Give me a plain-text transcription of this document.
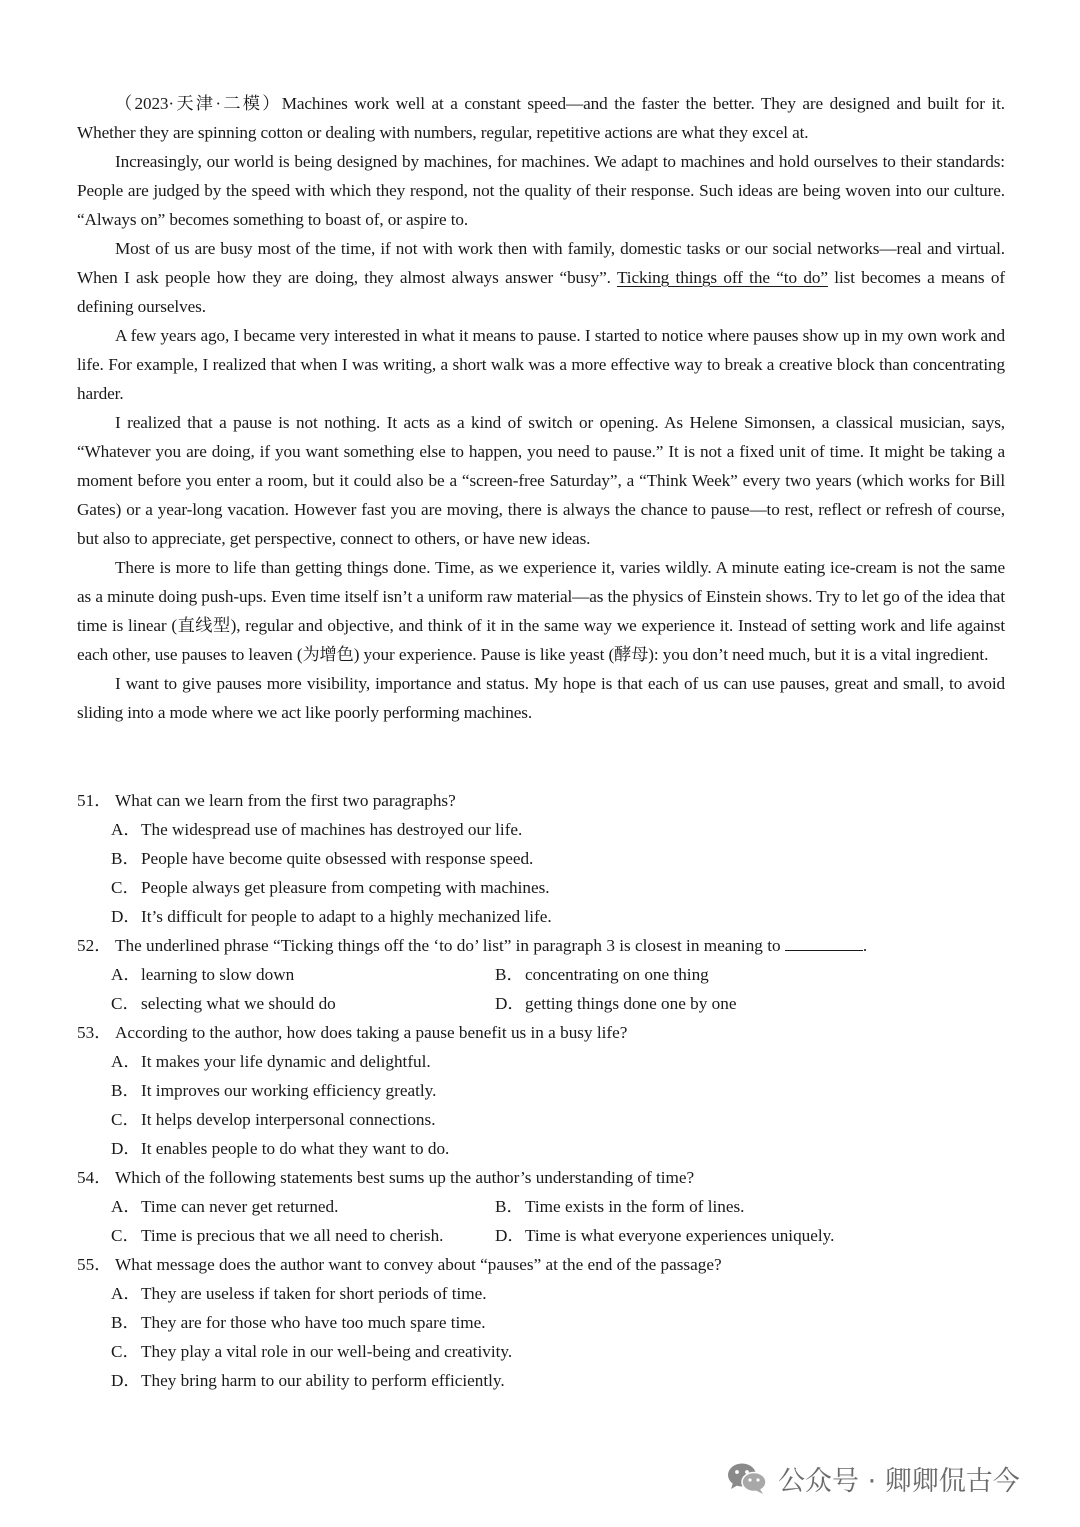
（2023·天津·二模）Machines work well at a constant speed—and the faster the better. They are designed and built for it. Whether they are spinning cotton or dealing with numbers, regular, repetitive actions are what they excel at.

Increasingly, our world is being designed by machines, for machines. We adapt to machines and hold ourselves to their standards: People are judged by the speed with which they respond, not the quality of their response. Such ideas are being woven into our culture. “Always on” becomes something to boast of, or aspire to.

Most of us are busy most of the time, if not with work then with family, domestic tasks or our social networks—real and virtual. When I ask people how they are doing, they almost always answer “busy”. Ticking things off the “to do” list becomes a means of defining ourselves.

A few years ago, I became very interested in what it means to pause. I started to notice where pauses show up in my own work and life. For example, I realized that when I was writing, a short walk was a more effective way to break a creative block than concentrating harder.

I realized that a pause is not nothing. It acts as a kind of switch or opening. As Helene Simonsen, a classical musician, says, “Whatever you are doing, if you want something else to happen, you need to pause.” It is not a fixed unit of time. It might be taking a moment before you enter a room, but it could also be a “screen-free Saturday”, a “Think Week” every two years (which works for Bill Gates) or a year-long vacation. However fast you are moving, there is always the chance to pause—to rest, reflect or refresh of course, but also to appreciate, get perspective, connect to others, or have new ideas.

There is more to life than getting things done. Time, as we experience it, varies wildly. A minute eating ice-cream is not the same as a minute doing push-ups. Even time itself isn’t a uniform raw material—as the physics of Einstein shows. Try to let go of the idea that time is linear (直线型), regular and objective, and think of it in the same way we experience it. Instead of setting work and life against each other, use pauses to leaven (为增色) your experience. Pause is like yeast (酵母): you don’t need much, but it is a vital ingredient.

I want to give pauses more visibility, importance and status. My hope is that each of us can use pauses, great and small, to avoid sliding into a mode where we act like poorly performing machines.

51． What can we learn from the first two paragraphs?

A．The widespread use of machines has destroyed our life.

B．People have become quite obsessed with response speed.

C．People always get pleasure from competing with machines.

D．It’s difficult for people to adapt to a highly mechanized life.

52． The underlined phrase “Ticking things off the ‘to do’ list” in paragraph 3 is closest in meaning to	.

A．learning to slow down	B．concentrating on one thing
C．selecting what we should do	D．getting things done one by one

53． According to the author, how does taking a pause benefit us in a busy life?

A．It makes your life dynamic and delightful.

B．It improves our working efficiency greatly.

C．It helps develop interpersonal connections.

D．It enables people to do what they want to do.

54． Which of the following statements best sums up the author’s understanding of time?

A．Time can never get returned.	B．Time exists in the form of lines.
C．Time is precious that we all need to cherish.	D．Time is what everyone experiences uniquely.

55． What message does the author want to convey about “pauses” at the end of the passage?

A．They are useless if taken for short periods of time.

B．They are for those who have too much spare time.

C．They play a vital role in our well-being and creativity.

D．They bring harm to our ability to perform efficiently.

公众号 · 卿卿侃古今
